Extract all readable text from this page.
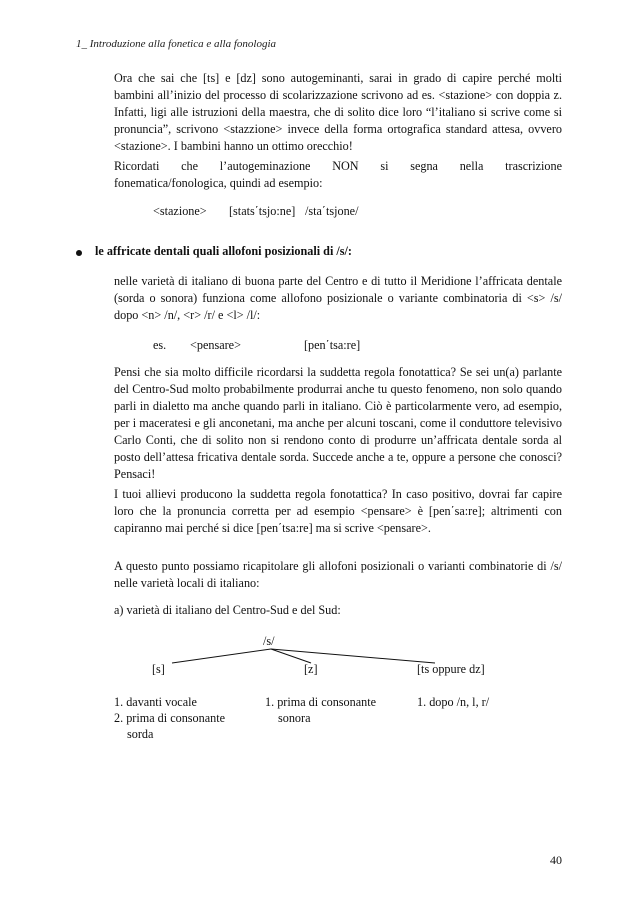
1_ Introduzione alla fonetica e alla fonologia

Ora che sai che [ts] e [dz] sono autogeminanti, sarai in grado di capire perché molti bambini all’inizio del processo di scolarizzazione scrivono ad es. <stazione> con doppia z. Infatti, ligi alle istruzioni della maestra, che di solito dice loro “l’italiano si scrive come si pronuncia”, scrivono <stazzione> invece della forma ortografica standard attesa, ovvero <stazione>. I bambini hanno un ottimo orecchio!

Ricordati che l’autogeminazione NON si segna nella trascrizione
fonematica/fonologica, quindi ad esempio:
<stazione> [stats΄tsjo:ne] /sta΄tsjone/
le affricate dentali quali allofoni posizionali di /s/:

nelle varietà di italiano di buona parte del Centro e di tutto il Meridione l’affricata dentale (sorda o sonora) funziona come allofono posizionale o variante combinatoria di <s> /s/ dopo <n> /n/, <r> /r/ e <l> /l/:

es. <pensare>	[pen΄tsa:re]

Pensi che sia molto difficile ricordarsi la suddetta regola fonotattica? Se sei un(a) parlante del Centro-Sud molto probabilmente produrrai anche tu questo fenomeno, non solo quando parli in dialetto ma anche quando parli in italiano. Ciò è particolarmente vero, ad esempio, per i maceratesi e gli anconetani, ma anche per alcuni toscani, come il conduttore televisivo Carlo Conti, che di solito non si rendono conto di produrre un’affricata dentale sorda al posto dell’attesa fricativa dentale sorda. Succede anche a te, oppure a persone che conosci? Pensaci!

I tuoi allievi producono la suddetta regola fonotattica? In caso positivo, dovrai far capire loro che la pronuncia corretta per ad esempio <pensare> è [pen΄sa:re]; altrimenti con capiranno mai perché si dice [pen΄tsa:re] ma si scrive <pensare>.

A questo punto possiamo ricapitolare gli allofoni posizionali o varianti combinatorie di /s/ nelle varietà locali di italiano:

a) varietà di italiano del Centro-Sud e del Sud:
/s/
[s]	[z]	[ts oppure dz]
1. davanti vocale
2. prima di consonante
sorda
1. prima di consonante
sonora
1. dopo /n, l, r/
40
